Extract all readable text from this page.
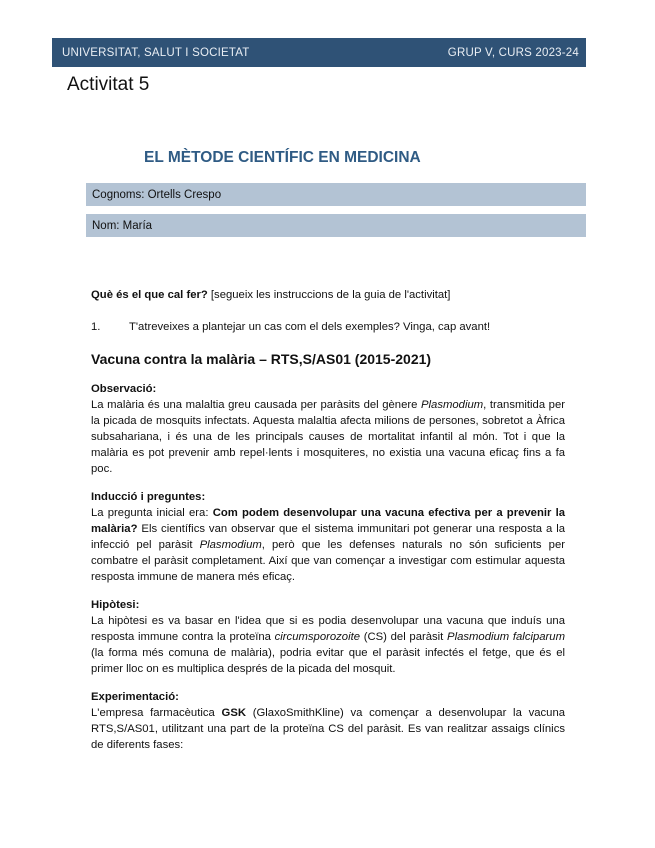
UNIVERSITAT, SALUT I SOCIETAT	GRUP V, CURS 2023-24
Activitat 5
EL MÈTODE CIENTÍFIC EN MEDICINA
Cognoms: Ortells Crespo
Nom: María

Què és el que cal fer? [segueix les instruccions de la guia de l'activitat]

1.	T'atreveixes a plantejar un cas com el dels exemples? Vinga, cap avant!
Vacuna contra la malària – RTS,S/AS01 (2015-2021)
Observació:

La malària és una malaltia greu causada per paràsits del gènere Plasmodium, transmitida per la picada de mosquits infectats. Aquesta malaltia afecta milions de persones, sobretot a Àfrica subsahariana, i és una de les principals causes de mortalitat infantil al món. Tot i que la malària es pot prevenir amb repel·lents i mosquiteres, no existia una vacuna eficaç fins a fa poc.

Inducció i preguntes:

La pregunta inicial era: Com podem desenvolupar una vacuna efectiva per a prevenir la malària? Els científics van observar que el sistema immunitari pot generar una resposta a la infecció pel paràsit Plasmodium, però que les defenses naturals no són suficients per combatre el paràsit completament. Així que van començar a investigar com estimular aquesta resposta immune de manera més eficaç.

Hipòtesi:

La hipòtesi es va basar en l'idea que si es podia desenvolupar una vacuna que induís una resposta immune contra la proteïna circumsporozoite (CS) del paràsit Plasmodium falciparum (la forma més comuna de malària), podria evitar que el paràsit infectés el fetge, que és el primer lloc on es multiplica després de la picada del mosquit.

Experimentació:

L'empresa farmacèutica GSK (GlaxoSmithKline) va començar a desenvolupar la vacuna RTS,S/AS01, utilitzant una part de la proteïna CS del paràsit. Es van realitzar assaigs clínics de diferents fases:
